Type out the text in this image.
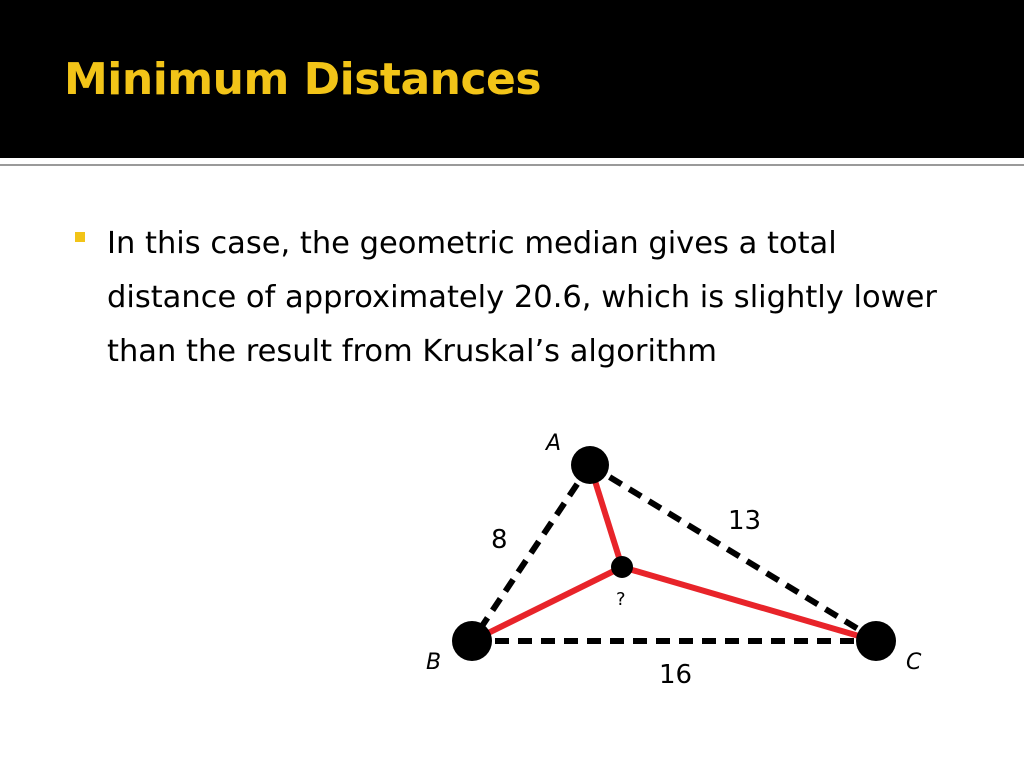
Minimum Distances

In this case, the geometric median gives a total distance of approximately 20.6, which is slightly lower than the result from Kruskal’s algorithm

A
B	C
8
13
16
?
